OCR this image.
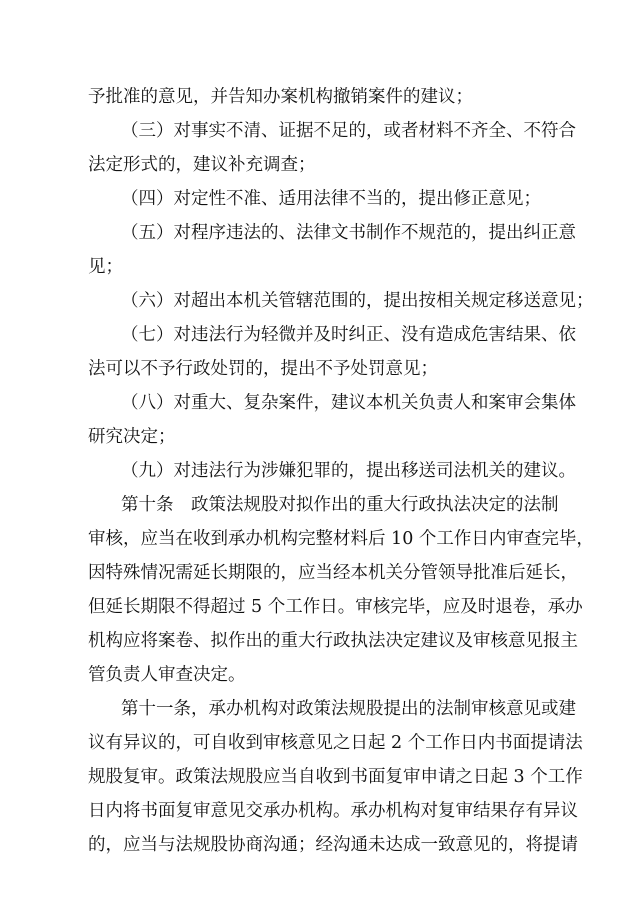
予批准的意见，并告知办案机构撤销案件的建议；
（三）对事实不清、证据不足的，或者材料不齐全、不符合
法定形式的，建议补充调查；
（四）对定性不准、适用法律不当的，提出修正意见；
（五）对程序违法的、法律文书制作不规范的，提出纠正意
见；
（六）对超出本机关管辖范围的，提出按相关规定移送意见；
（七）对违法行为轻微并及时纠正、没有造成危害结果、依
法可以不予行政处罚的，提出不予处罚意见；
（八）对重大、复杂案件，建议本机关负责人和案审会集体
研究决定；
（九）对违法行为涉嫌犯罪的，提出移送司法机关的建议。
第十条　政策法规股对拟作出的重大行政执法决定的法制
审核，应当在收到承办机构完整材料后 10 个工作日内审查完毕，
因特殊情况需延长期限的，应当经本机关分管领导批准后延长，
但延长期限不得超过 5 个工作日。审核完毕，应及时退卷，承办
机构应将案卷、拟作出的重大行政执法决定建议及审核意见报主
管负责人审查决定。
第十一条，承办机构对政策法规股提出的法制审核意见或建
议有异议的，可自收到审核意见之日起 2 个工作日内书面提请法
规股复审。政策法规股应当自收到书面复审申请之日起 3 个工作
日内将书面复审意见交承办机构。承办机构对复审结果存有异议
的，应当与法规股协商沟通；经沟通未达成一致意见的，将提请
